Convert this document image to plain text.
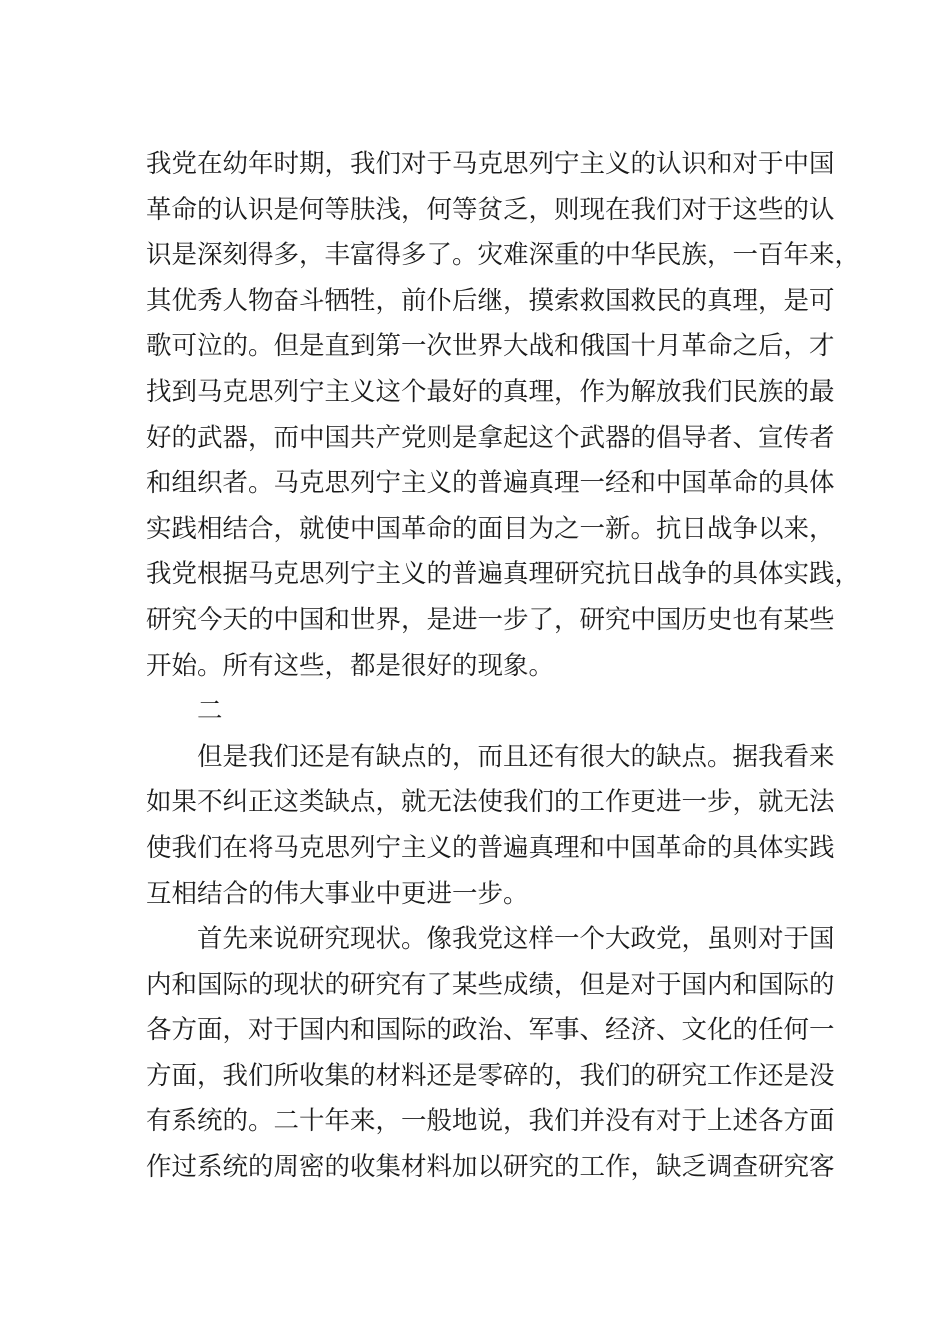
我党在幼年时期，我们对于马克思列宁主义的认识和对于中国
革命的认识是何等肤浅，何等贫乏，则现在我们对于这些的认
识是深刻得多，丰富得多了。灾难深重的中华民族，一百年来，
其优秀人物奋斗牺牲，前仆后继，摸索救国救民的真理，是可
歌可泣的。但是直到第一次世界大战和俄国十月革命之后，才
找到马克思列宁主义这个最好的真理，作为解放我们民族的最
好的武器，而中国共产党则是拿起这个武器的倡导者、宣传者
和组织者。马克思列宁主义的普遍真理一经和中国革命的具体
实践相结合，就使中国革命的面目为之一新。抗日战争以来，
我党根据马克思列宁主义的普遍真理研究抗日战争的具体实践，
研究今天的中国和世界，是进一步了，研究中国历史也有某些
开始。所有这些，都是很好的现象。
二
但是我们还是有缺点的，而且还有很大的缺点。据我看来
如果不纠正这类缺点，就无法使我们的工作更进一步，就无法
使我们在将马克思列宁主义的普遍真理和中国革命的具体实践
互相结合的伟大事业中更进一步。
首先来说研究现状。像我党这样一个大政党，虽则对于国
内和国际的现状的研究有了某些成绩，但是对于国内和国际的
各方面，对于国内和国际的政治、军事、经济、文化的任何一
方面，我们所收集的材料还是零碎的，我们的研究工作还是没
有系统的。二十年来，一般地说，我们并没有对于上述各方面
作过系统的周密的收集材料加以研究的工作，缺乏调查研究客
